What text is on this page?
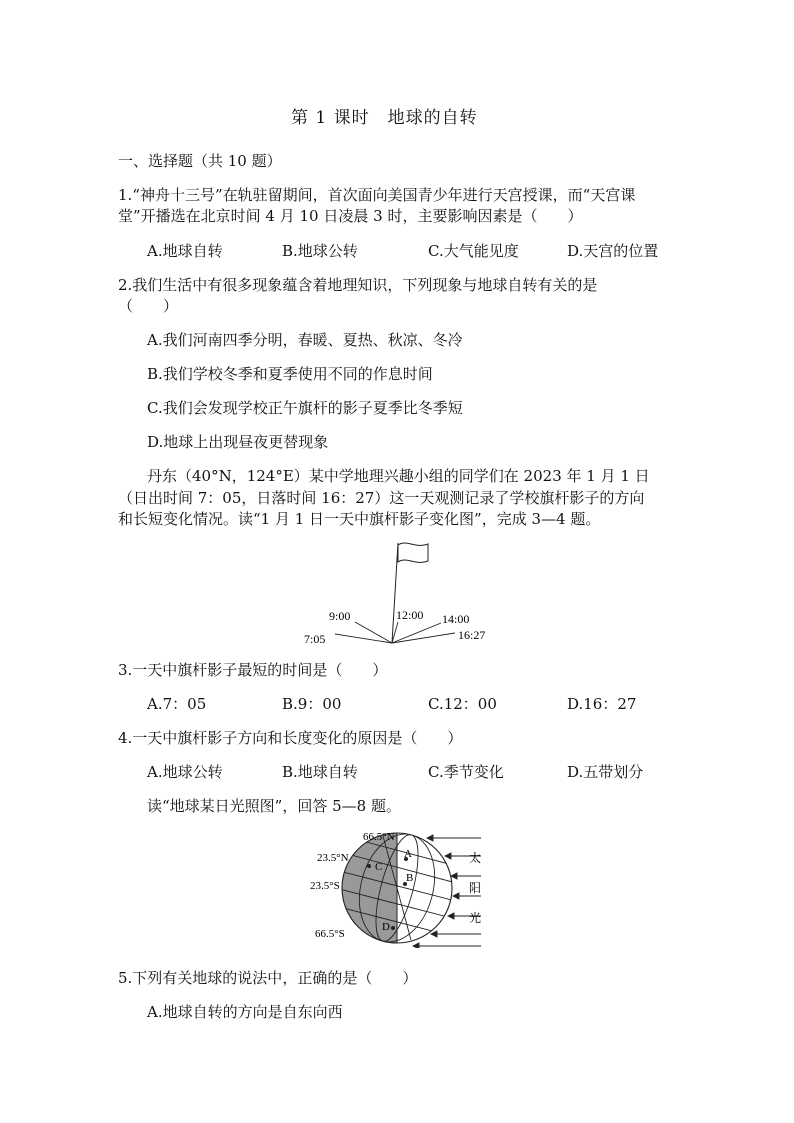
第 1 课时　地球的自转
一、选择题（共 10 题）
1.“神舟十三号”在轨驻留期间，首次面向美国青少年进行天宫授课，而“天宫课
堂”开播选在北京时间 4 月 10 日凌晨 3 时，主要影响因素是（　　）
A.地球自转	B.地球公转	C.大气能见度	D.天宫的位置
2.我们生活中有很多现象蕴含着地理知识，下列现象与地球自转有关的是
（　　）
A.我们河南四季分明，春暖、夏热、秋凉、冬冷
B.我们学校冬季和夏季使用不同的作息时间
C.我们会发现学校正午旗杆的影子夏季比冬季短
D.地球上出现昼夜更替现象
丹东（40°N，124°E）某中学地理兴趣小组的同学们在 2023 年 1 月 1 日
（日出时间 7：05，日落时间 16：27）这一天观测记录了学校旗杆影子的方向
和长短变化情况。读“1 月 1 日一天中旗杆影子变化图”，完成 3—4 题。
9:00	12:00 14:00
7:05	16:27
3.一天中旗杆影子最短的时间是（　　）
A.7：05	B.9：00	C.12：00	D.16：27
4.一天中旗杆影子方向和长度变化的原因是（　　）
A.地球公转	B.地球自转	C.季节变化	D.五带划分
读“地球某日光照图”，回答 5—8 题。
A
B
C
D
66.5°N
23.5°N
23.5°S
66.5°S
太
阳
光
5.下列有关地球的说法中，正确的是（　　）
A.地球自转的方向是自东向西
